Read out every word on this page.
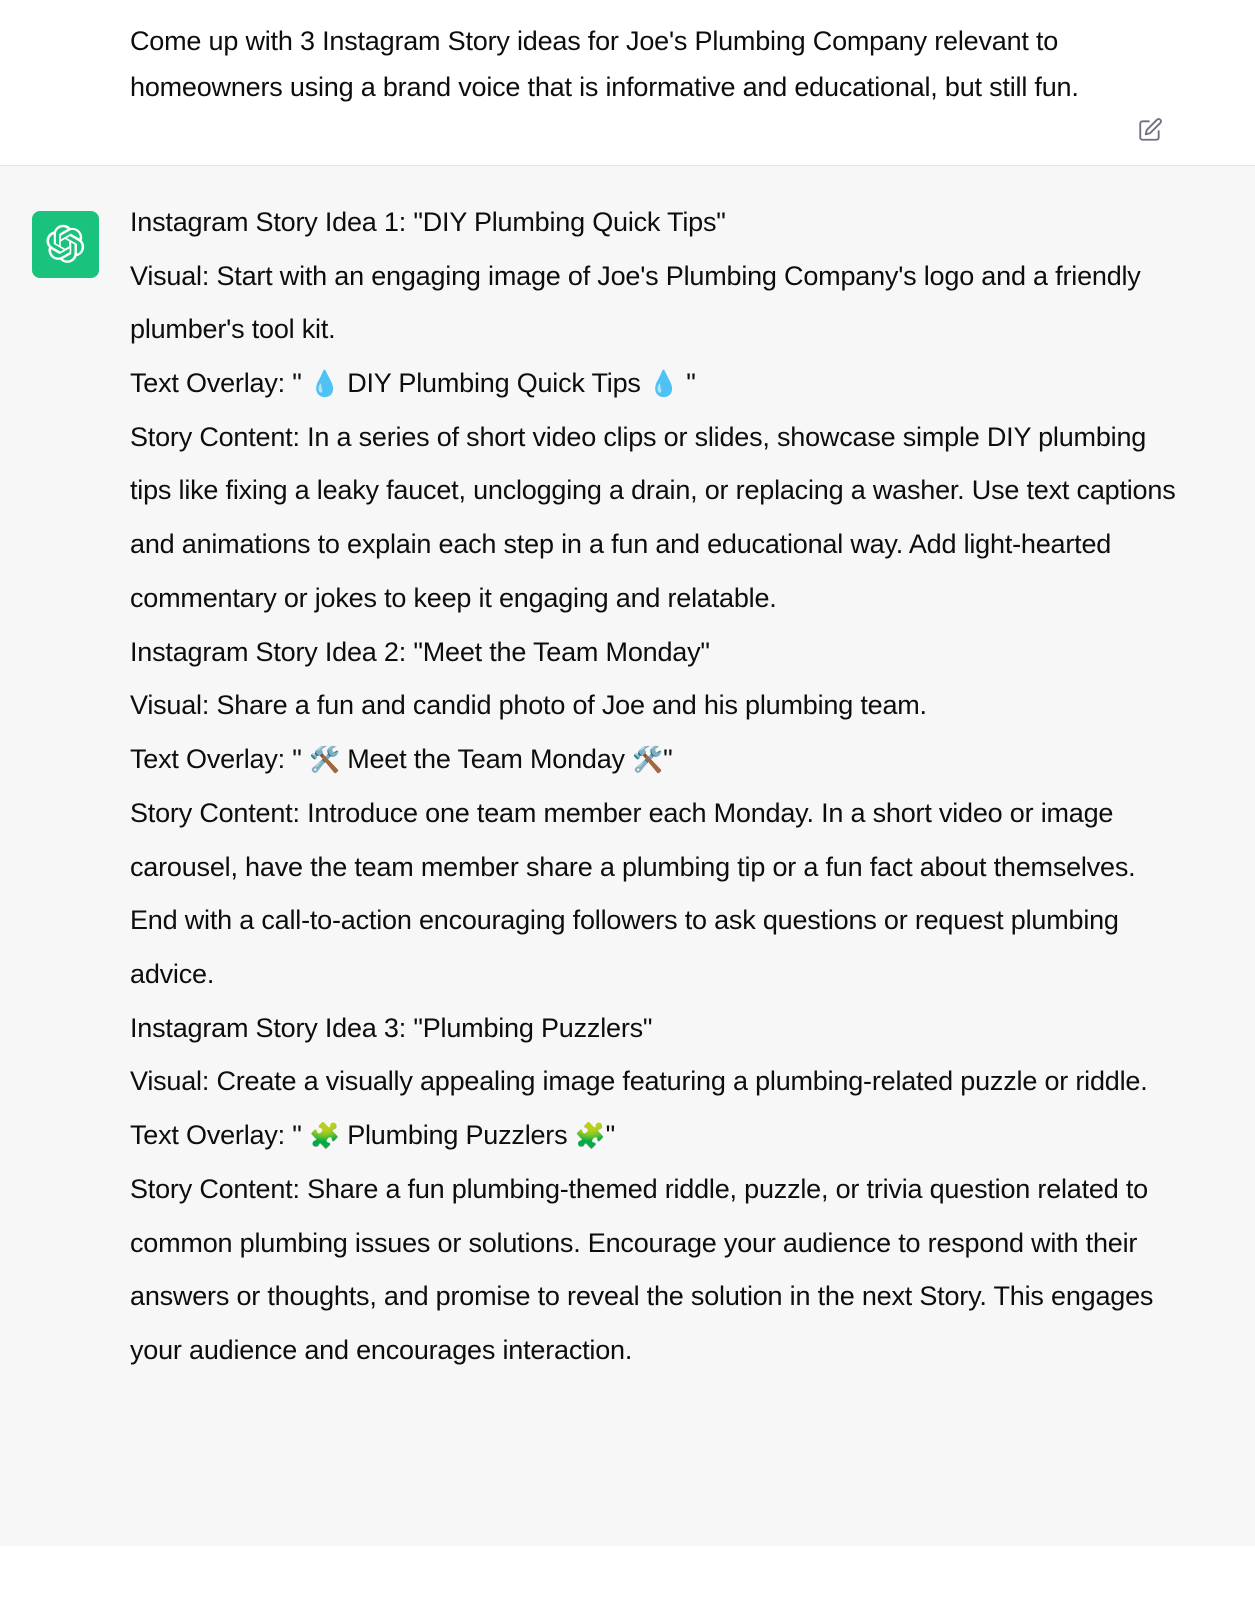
Come up with 3 Instagram Story ideas for Joe's Plumbing Company relevant to homeowners using a brand voice that is informative and educational, but still fun.

Instagram Story Idea 1: "DIY Plumbing Quick Tips"

Visual: Start with an engaging image of Joe's Plumbing Company's logo and a friendly plumber's tool kit.

Text Overlay: " 💧 DIY Plumbing Quick Tips 💧 "

Story Content: In a series of short video clips or slides, showcase simple DIY plumbing tips like fixing a leaky faucet, unclogging a drain, or replacing a washer. Use text captions and animations to explain each step in a fun and educational way. Add light-hearted commentary or jokes to keep it engaging and relatable.

Instagram Story Idea 2: "Meet the Team Monday"

Visual: Share a fun and candid photo of Joe and his plumbing team.

Text Overlay: " 🛠️ Meet the Team Monday 🛠️"

Story Content: Introduce one team member each Monday. In a short video or image carousel, have the team member share a plumbing tip or a fun fact about themselves. End with a call-to-action encouraging followers to ask questions or request plumbing advice.

Instagram Story Idea 3: "Plumbing Puzzlers"

Visual: Create a visually appealing image featuring a plumbing-related puzzle or riddle.

Text Overlay: " 🧩 Plumbing Puzzlers 🧩"

Story Content: Share a fun plumbing-themed riddle, puzzle, or trivia question related to common plumbing issues or solutions. Encourage your audience to respond with their answers or thoughts, and promise to reveal the solution in the next Story. This engages your audience and encourages interaction.
